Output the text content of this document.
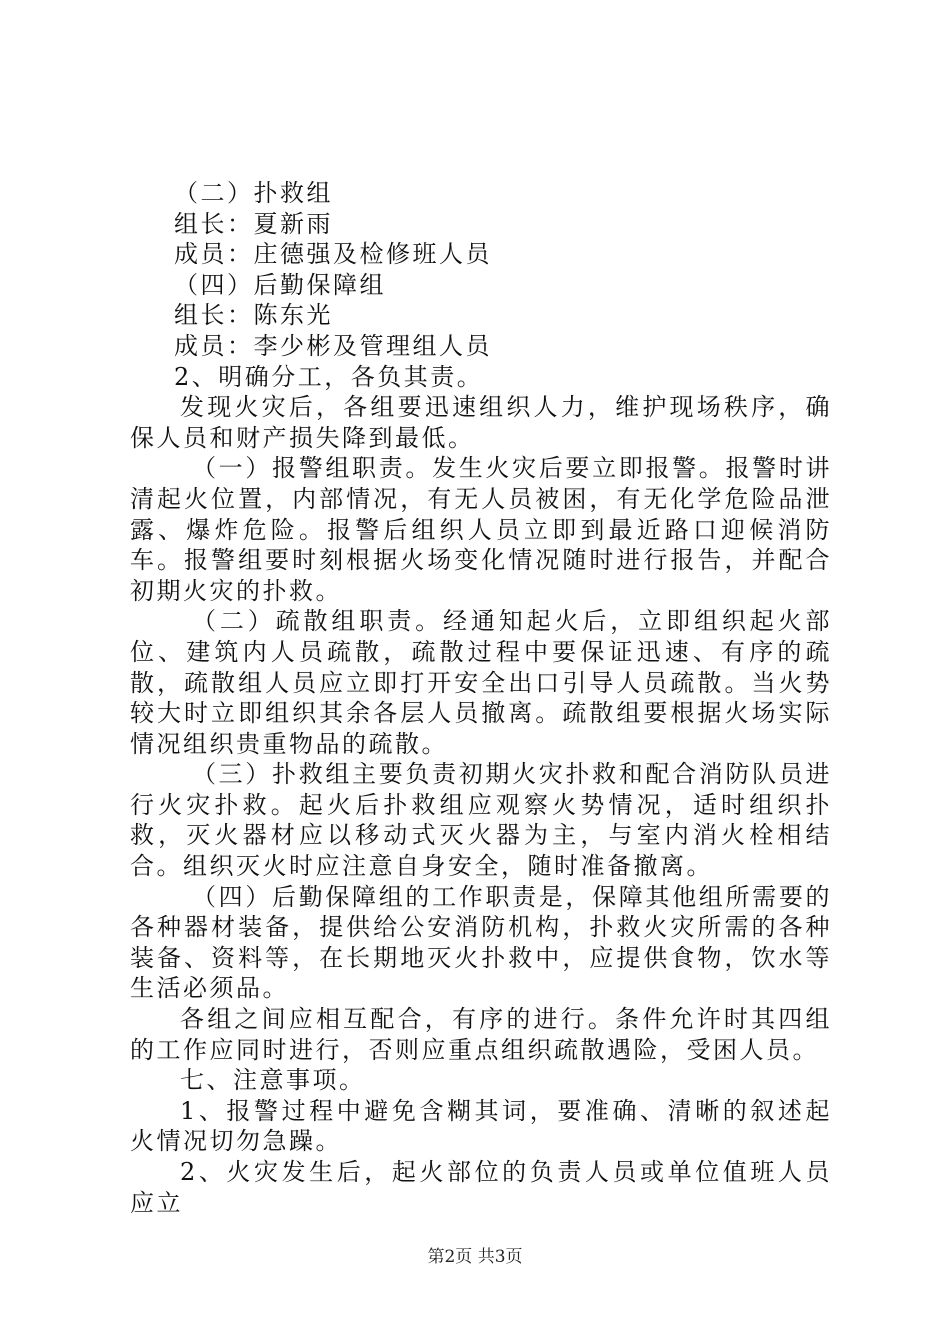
（二）扑救组

组长：夏新雨

成员：庄德强及检修班人员

（四）后勤保障组

组长：陈东光

成员：李少彬及管理组人员

2、明确分工，各负其责。

发现火灾后，各组要迅速组织人力，维护现场秩序，确保人员和财产损失降到最低。

（一）报警组职责。发生火灾后要立即报警。报警时讲清起火位置，内部情况，有无人员被困，有无化学危险品泄露、爆炸危险。报警后组织人员立即到最近路口迎候消防车。报警组要时刻根据火场变化情况随时进行报告，并配合初期火灾的扑救。

（二）疏散组职责。经通知起火后，立即组织起火部位、建筑内人员疏散，疏散过程中要保证迅速、有序的疏散，疏散组人员应立即打开安全出口引导人员疏散。当火势较大时立即组织其余各层人员撤离。疏散组要根据火场实际情况组织贵重物品的疏散。

（三）扑救组主要负责初期火灾扑救和配合消防队员进行火灾扑救。起火后扑救组应观察火势情况，适时组织扑救，灭火器材应以移动式灭火器为主，与室内消火栓相结合。组织灭火时应注意自身安全，随时准备撤离。

（四）后勤保障组的工作职责是，保障其他组所需要的各种器材装备，提供给公安消防机构，扑救火灾所需的各种装备、资料等，在长期地灭火扑救中，应提供食物，饮水等生活必须品。

各组之间应相互配合，有序的进行。条件允许时其四组的工作应同时进行，否则应重点组织疏散遇险，受困人员。

七、注意事项。

1、报警过程中避免含糊其词，要准确、清晰的叙述起火情况切勿急躁。

2、火灾发生后，起火部位的负责人员或单位值班人员应立

第2页 共3页
